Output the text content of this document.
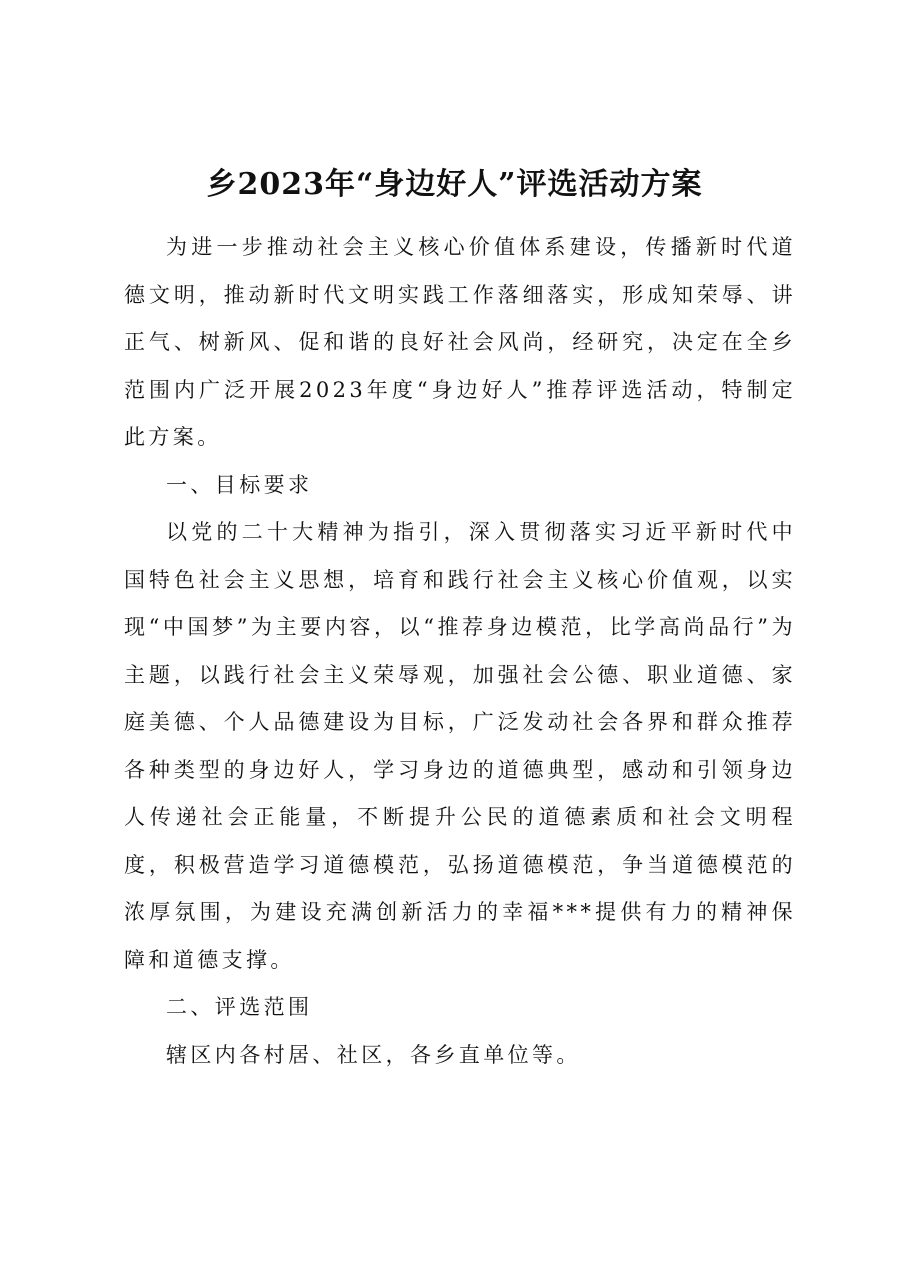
乡2023年“身边好人”评选活动方案

为进一步推动社会主义核心价值体系建设，传播新时代道德文明，推动新时代文明实践工作落细落实，形成知荣辱、讲正气、树新风、促和谐的良好社会风尚，经研究，决定在全乡范围内广泛开展2023年度“身边好人”推荐评选活动，特制定此方案。

一、目标要求

以党的二十大精神为指引，深入贯彻落实习近平新时代中国特色社会主义思想，培育和践行社会主义核心价值观，以实现“中国梦”为主要内容，以“推荐身边模范，比学高尚品行”为主题，以践行社会主义荣辱观，加强社会公德、职业道德、家庭美德、个人品德建设为目标，广泛发动社会各界和群众推荐各种类型的身边好人，学习身边的道德典型，感动和引领身边人传递社会正能量，不断提升公民的道德素质和社会文明程度，积极营造学习道德模范，弘扬道德模范，争当道德模范的浓厚氛围，为建设充满创新活力的幸福***提供有力的精神保障和道德支撑。

二、评选范围

辖区内各村居、社区，各乡直单位等。
